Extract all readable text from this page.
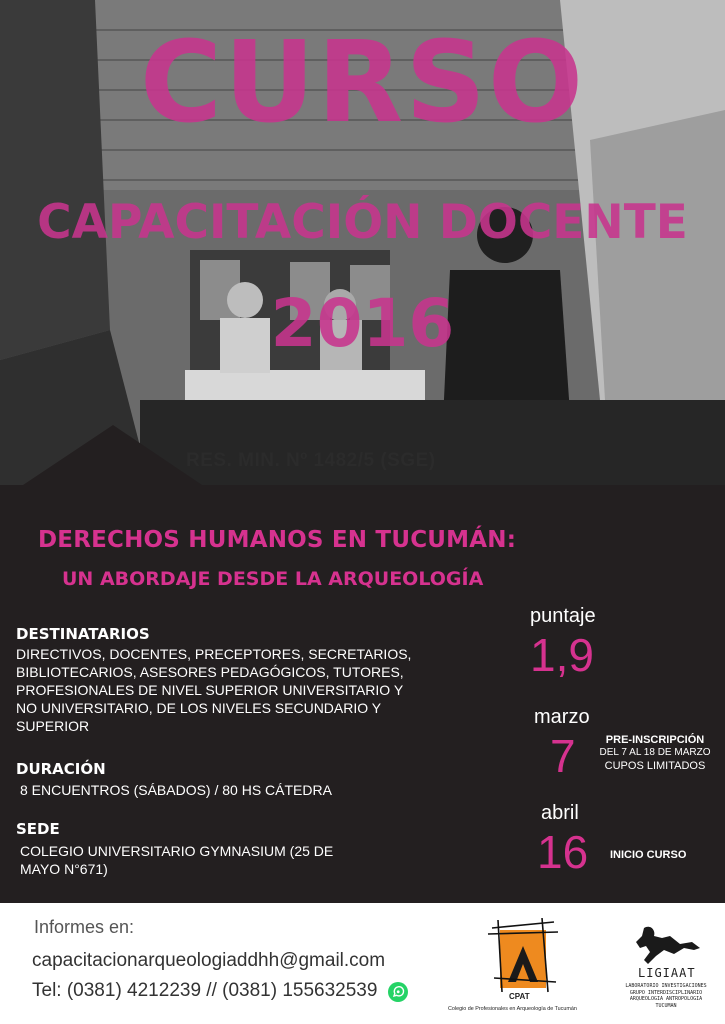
CURSO
CAPACITACIÓN DOCENTE
2016
RES. MIN. Nº 1482/5 (SGE)
DERECHOS HUMANOS EN TUCUMÁN:
UN ABORDAJE DESDE LA ARQUEOLOGÍA
DESTINATARIOS
DIRECTIVOS, DOCENTES, PRECEPTORES, SECRETARIOS,
BIBLIOTECARIOS, ASESORES PEDAGÓGICOS, TUTORES,
PROFESIONALES DE NIVEL SUPERIOR UNIVERSITARIO Y
NO UNIVERSITARIO, DE LOS NIVELES SECUNDARIO Y
SUPERIOR
DURACIÓN
8 ENCUENTROS (SÁBADOS) / 80 HS CÁTEDRA
SEDE
COLEGIO UNIVERSITARIO GYMNASIUM (25 DE
MAYO N°671)
puntaje
1,9
marzo
7	PRE-INSCRIPCIÓN
DEL 7 AL 18 DE MARZO
CUPOS LIMITADOS
abril
16 INICIO CURSO
Informes en:
capacitacionarqueologiaddhh@gmail.com
Tel: (0381) 4212239 // (0381) 155632539	CPAT
Colegio de Profesionales en Arqueología de Tucumán
LIGIAAT
LABORATORIO INVESTIGACIONES
GRUPO INTERDISCIPLINARIO
ARQUEOLOGIA ANTROPOLOGIA
TUCUMAN
